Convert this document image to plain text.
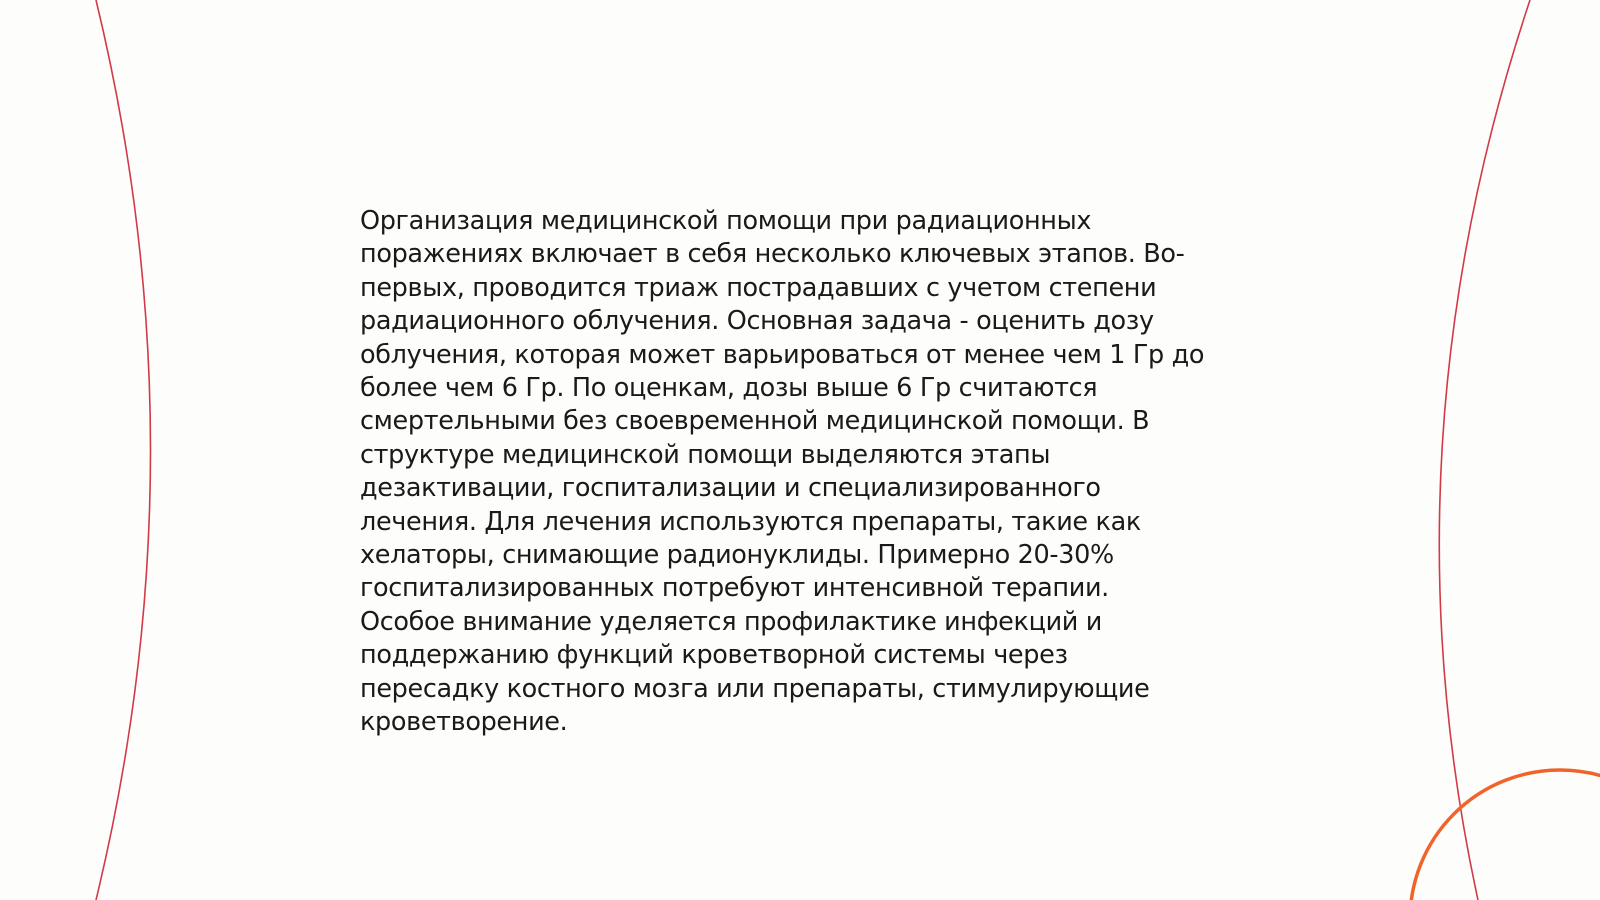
Организация медицинской помощи при радиационных
поражениях включает в себя несколько ключевых этапов. Во-
первых, проводится триаж пострадавших с учетом степени
радиационного облучения. Основная задача - оценить дозу
облучения, которая может варьироваться от менее чем 1 Гр до
более чем 6 Гр. По оценкам, дозы выше 6 Гр считаются
смертельными без своевременной медицинской помощи. В
структуре медицинской помощи выделяются этапы
дезактивации, госпитализации и специализированного
лечения. Для лечения используются препараты, такие как
хелаторы, снимающие радионуклиды. Примерно 20-30%
госпитализированных потребуют интенсивной терапии.
Особое внимание уделяется профилактике инфекций и
поддержанию функций кроветворной системы через
пересадку костного мозга или препараты, стимулирующие
кроветворение.
